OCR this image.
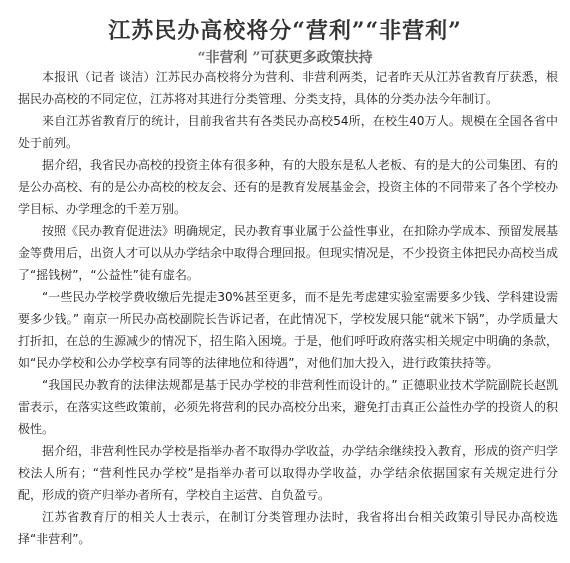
江苏民办高校将分“营利”“非营利”
“非营利 ”可获更多政策扶持

本报讯（记者 谈洁）江苏民办高校将分为营利、非营利两类，记者昨天从江苏省教育厅获悉，根据民办高校的不同定位，江苏将对其进行分类管理、分类支持，具体的分类办法今年制订。

来自江苏省教育厅的统计，目前我省共有各类民办高校54所，在校生40万人。规模在全国各省中处于前列。

据介绍，我省民办高校的投资主体有很多种，有的大股东是私人老板、有的是大的公司集团、有的是公办高校、有的是公办高校的校友会、还有的是教育发展基金会，投资主体的不同带来了各个学校办学目标、办学理念的千差万别。

按照《民办教育促进法》明确规定，民办教育事业属于公益性事业，在扣除办学成本、预留发展基金等费用后，出资人才可以从办学结余中取得合理回报。但现实情况是，不少投资主体把民办高校当成了“摇钱树”，“公益性”徒有虚名。

“一些民办学校学费收缴后先提走30%甚至更多，而不是先考虑建实验室需要多少钱、学科建设需要多少钱。” 南京一所民办高校副院长告诉记者，在此情况下，学校发展只能“就米下锅”，办学质量大打折扣，在总的生源减少的情况下，招生陷入困境。于是，他们呼吁政府落实相关规定中明确的条款，如“民办学校和公办学校享有同等的法律地位和待遇”，对他们加大投入，进行政策扶持等。

“我国民办教育的法律法规都是基于民办学校的非营利性而设计的。” 正德职业技术学院副院长赵凯雷表示，在落实这些政策前，必须先将营利的民办高校分出来，避免打击真正公益性办学的投资人的积极性。

据介绍，非营利性民办学校是指举办者不取得办学收益，办学结余继续投入教育，形成的资产归学校法人所有；“营利性民办学校”是指举办者可以取得办学收益，办学结余依据国家有关规定进行分配，形成的资产归举办者所有，学校自主运营、自负盈亏。

江苏省教育厅的相关人士表示，在制订分类管理办法时，我省将出台相关政策引导民办高校选择“非营利”。
